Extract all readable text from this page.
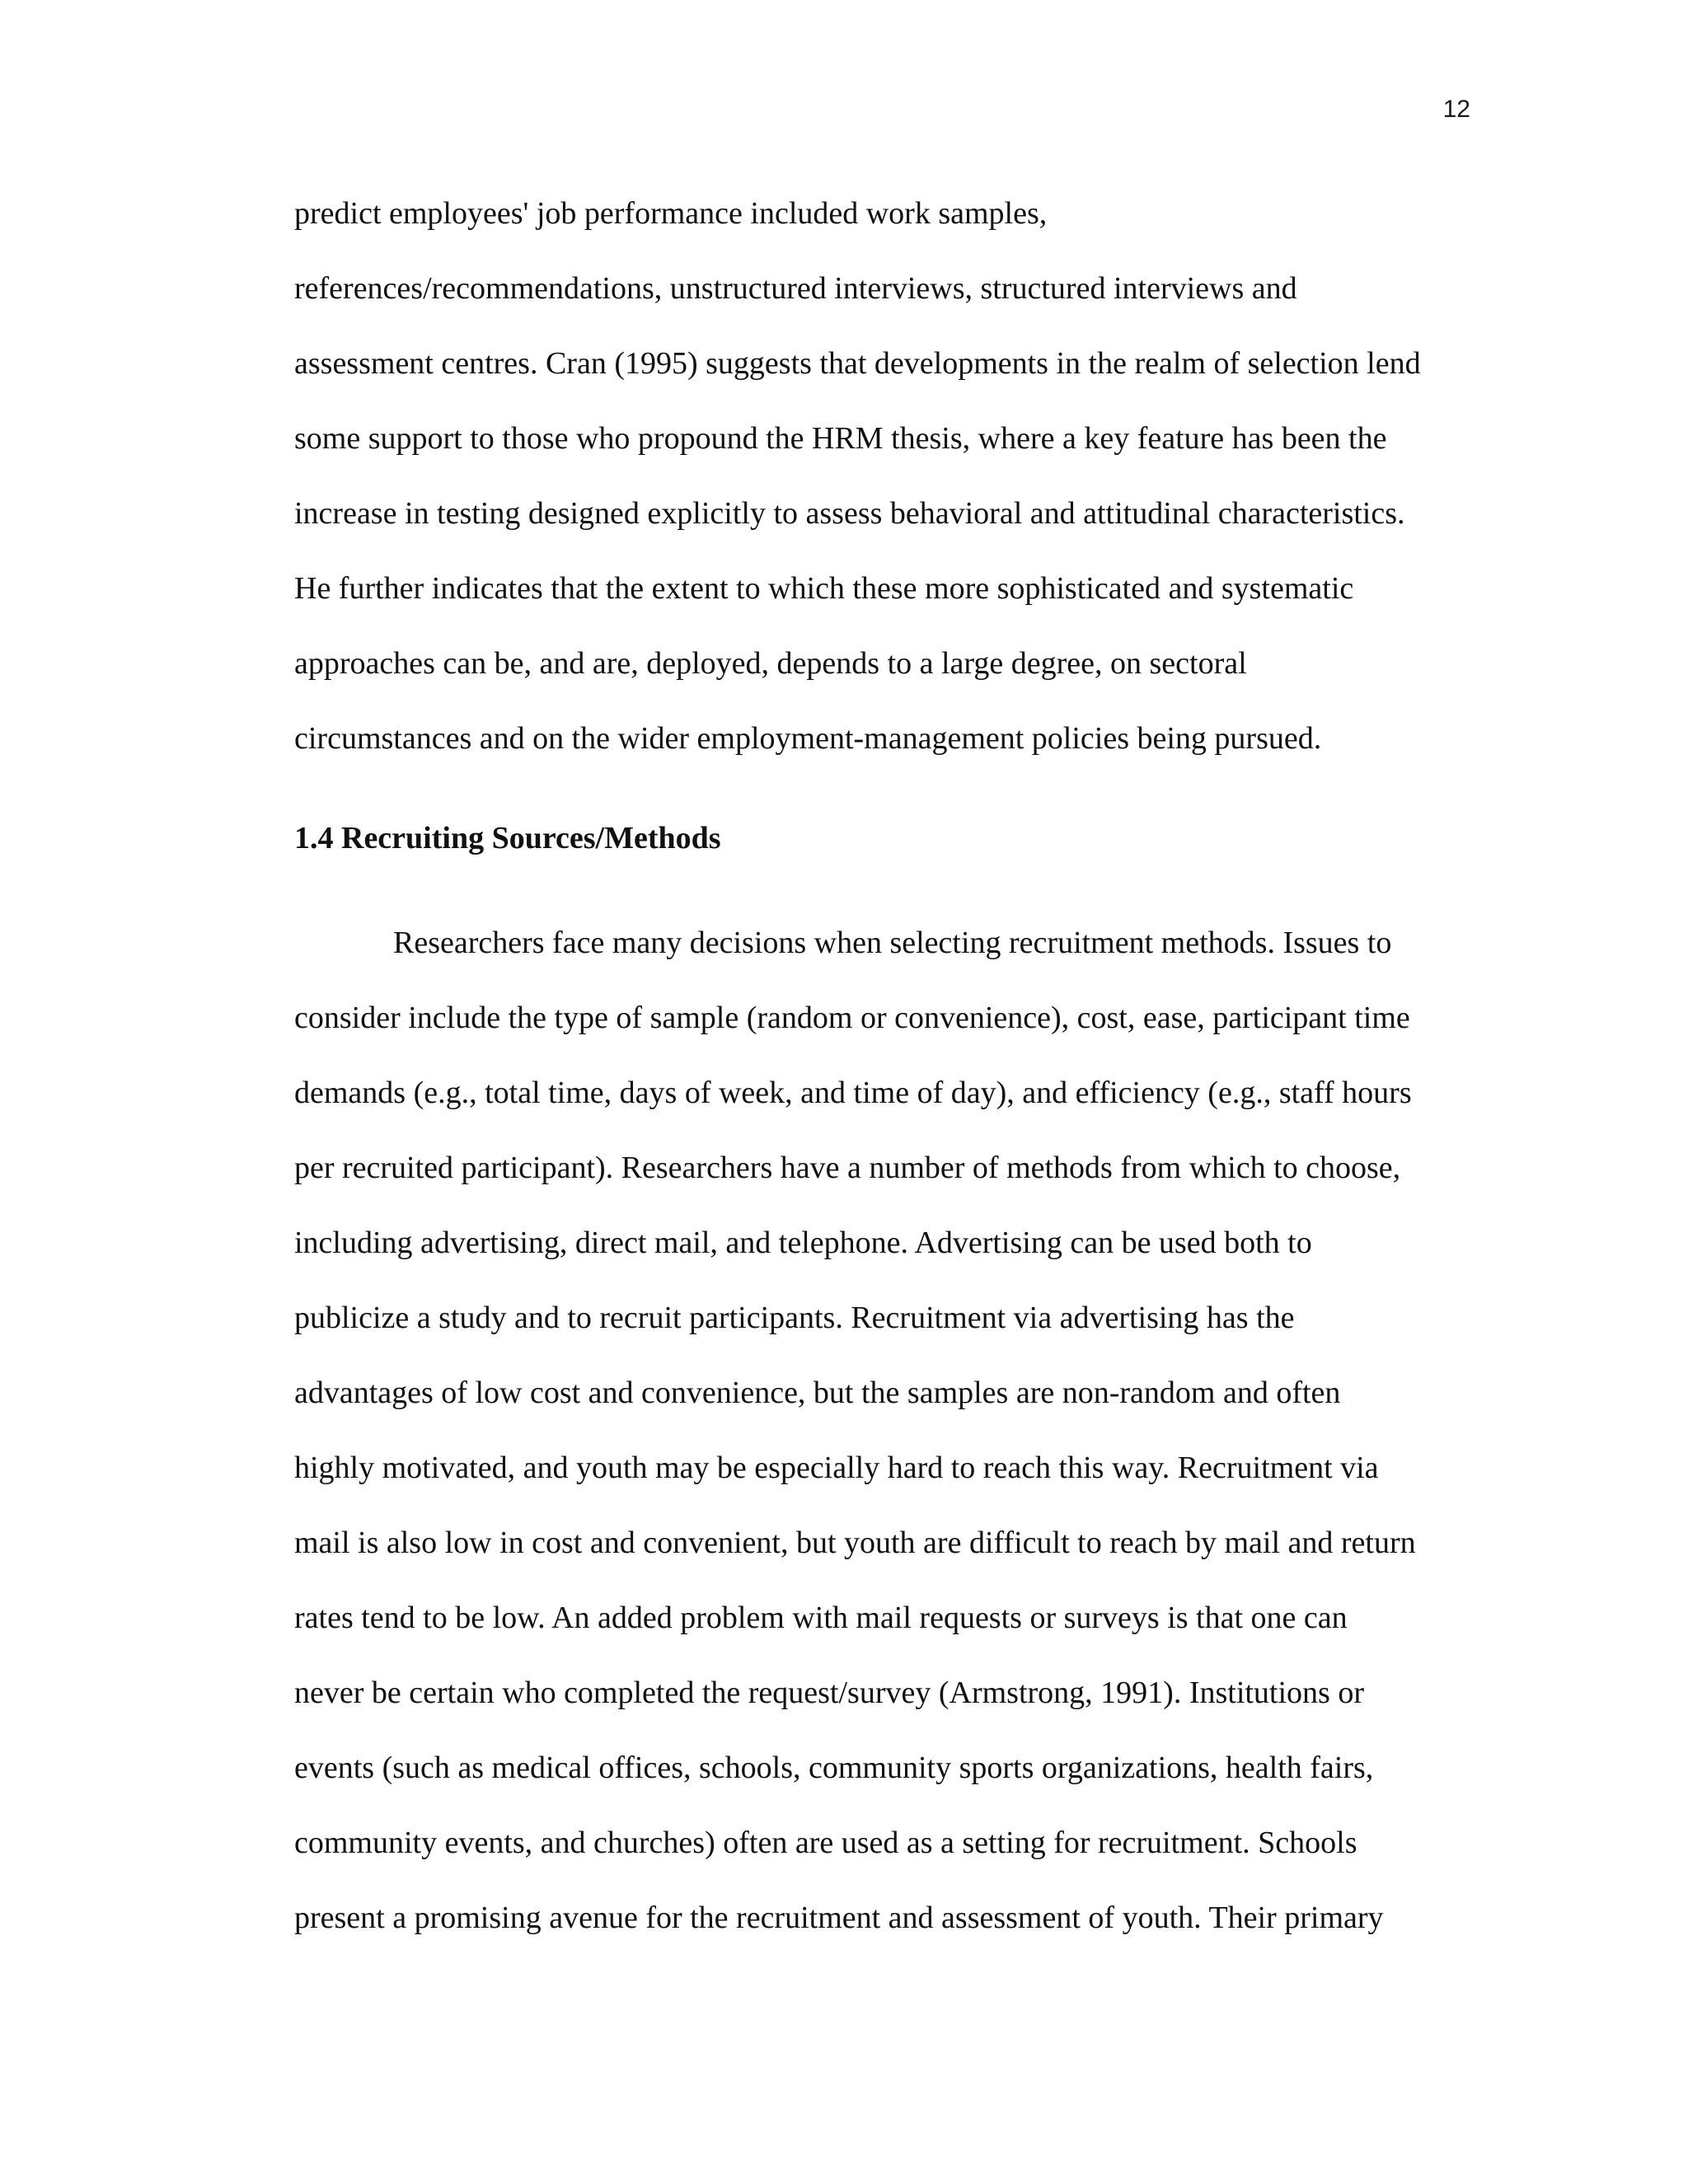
12
predict employees' job performance included work samples,
references/recommendations, unstructured interviews, structured interviews and
assessment centres. Cran (1995) suggests that developments in the realm of selection lend
some support to those who propound the HRM thesis, where a key feature has been the
increase in testing designed explicitly to assess behavioral and attitudinal characteristics.
He further indicates that the extent to which these more sophisticated and systematic
approaches can be, and are, deployed, depends to a large degree, on sectoral
circumstances and on the wider employment-management policies being pursued.
1.4 Recruiting Sources/Methods
Researchers face many decisions when selecting recruitment methods. Issues to
consider include the type of sample (random or convenience), cost, ease, participant time
demands (e.g., total time, days of week, and time of day), and efficiency (e.g., staff hours
per recruited participant). Researchers have a number of methods from which to choose,
including advertising, direct mail, and telephone. Advertising can be used both to
publicize a study and to recruit participants. Recruitment via advertising has the
advantages of low cost and convenience, but the samples are non-random and often
highly motivated, and youth may be especially hard to reach this way. Recruitment via
mail is also low in cost and convenient, but youth are difficult to reach by mail and return
rates tend to be low. An added problem with mail requests or surveys is that one can
never be certain who completed the request/survey (Armstrong, 1991). Institutions or
events (such as medical offices, schools, community sports organizations, health fairs,
community events, and churches) often are used as a setting for recruitment. Schools
present a promising avenue for the recruitment and assessment of youth. Their primary
